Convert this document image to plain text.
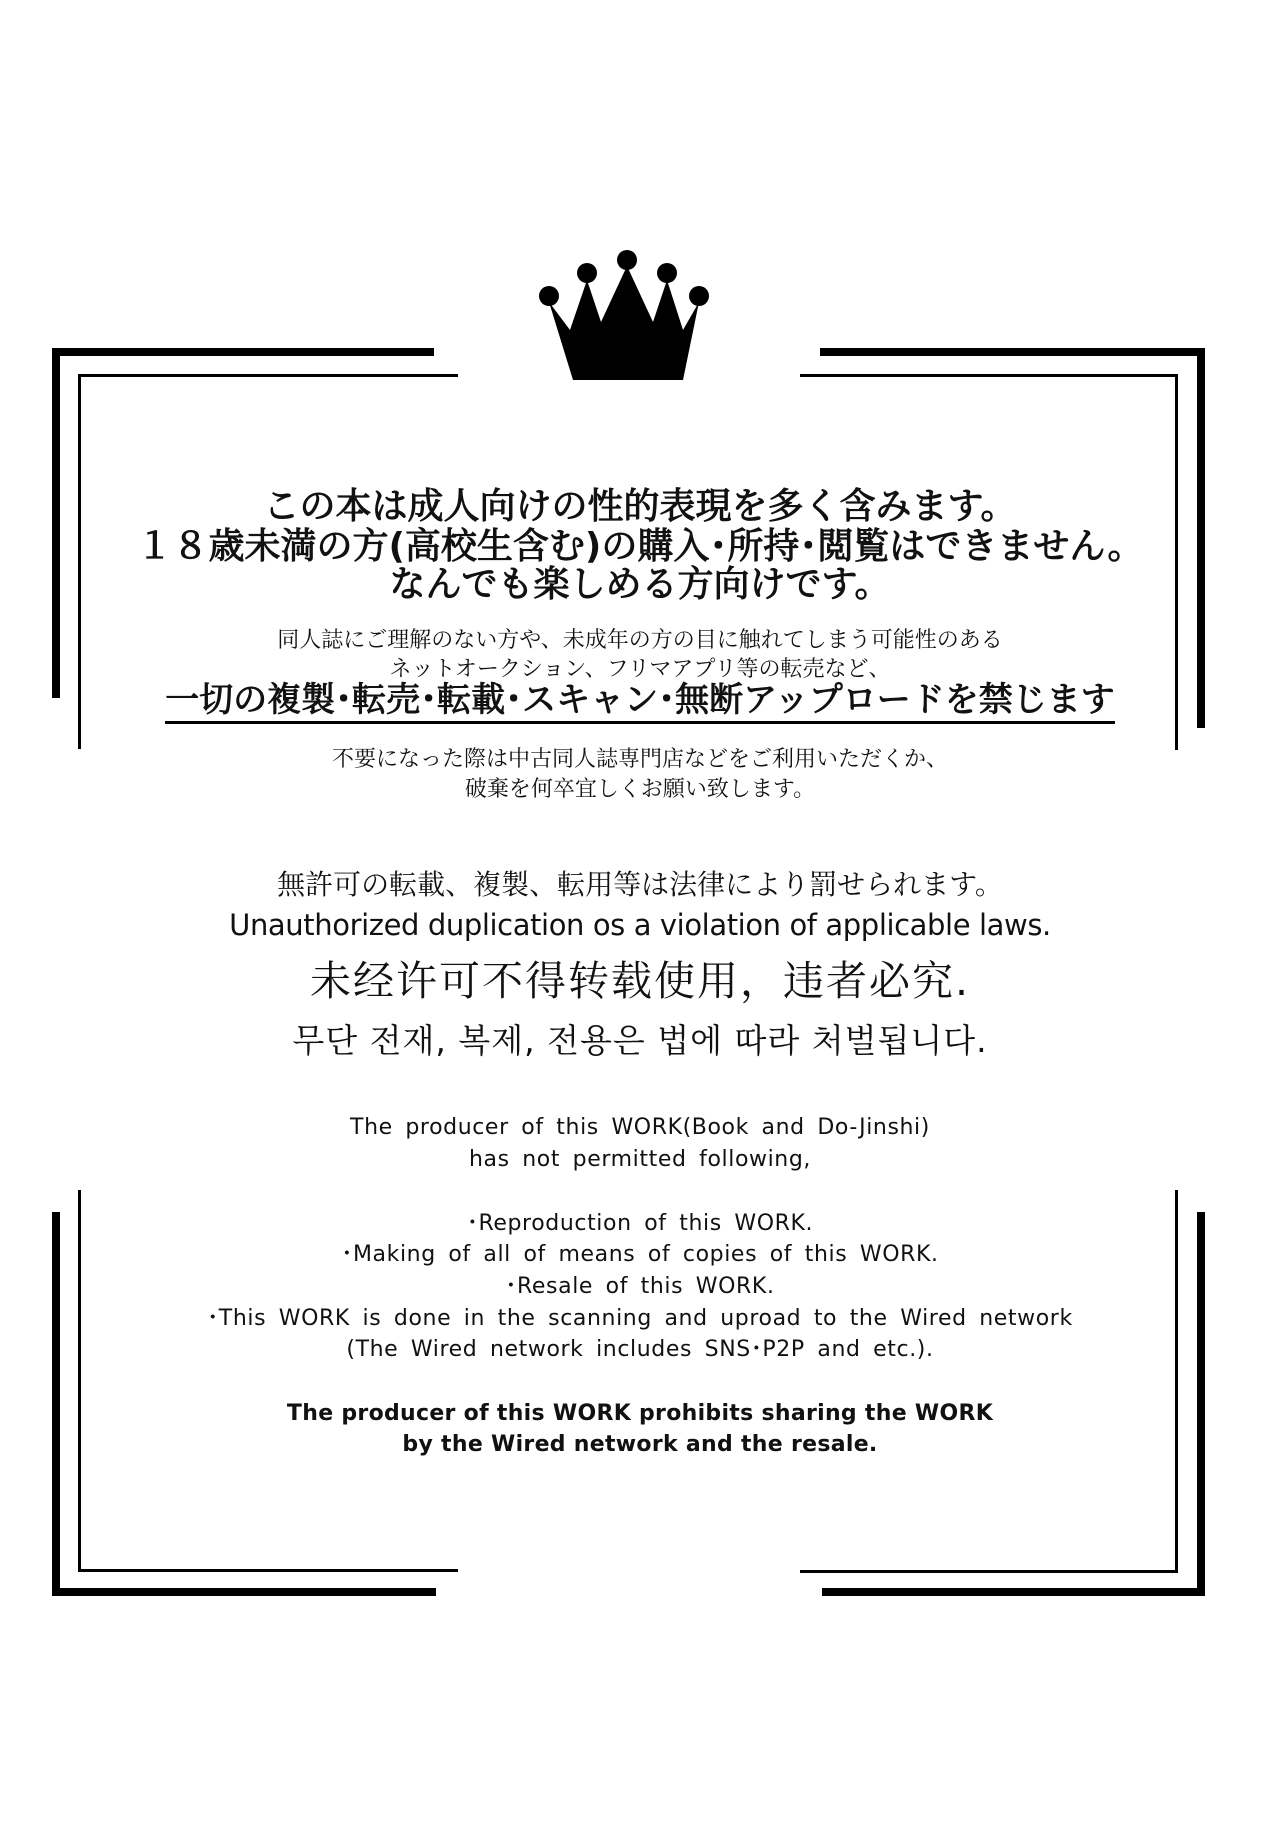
この本は成人向けの性的表現を多く含みます。
１８歳未満の方(高校生含む)の購入･所持･閲覧はできません。
なんでも楽しめる方向けです。
同人誌にご理解のない方や、未成年の方の目に触れてしまう可能性のある
ネットオークション、フリマアプリ等の転売など、
一切の複製･転売･転載･スキャン･無断アップロードを禁じます
不要になった際は中古同人誌専門店などをご利用いただくか、
破棄を何卒宜しくお願い致します。
無許可の転載、複製、転用等は法律により罰せられます。
Unauthorized duplication os a violation of applicable laws.
未经许可不得转载使用，违者必究.
무단 전재, 복제, 전용은 법에 따라 처벌됩니다.
The producer of this WORK(Book and Do-Jinshi)
has not permitted following,
･Reproduction of this WORK.
･Making of all of means of copies of this WORK.
･Resale of this WORK.
･This WORK is done in the scanning and uproad to the Wired network
(The Wired network includes SNS･P2P and etc.).
The producer of this WORK prohibits sharing the WORK
by the Wired network and the resale.
